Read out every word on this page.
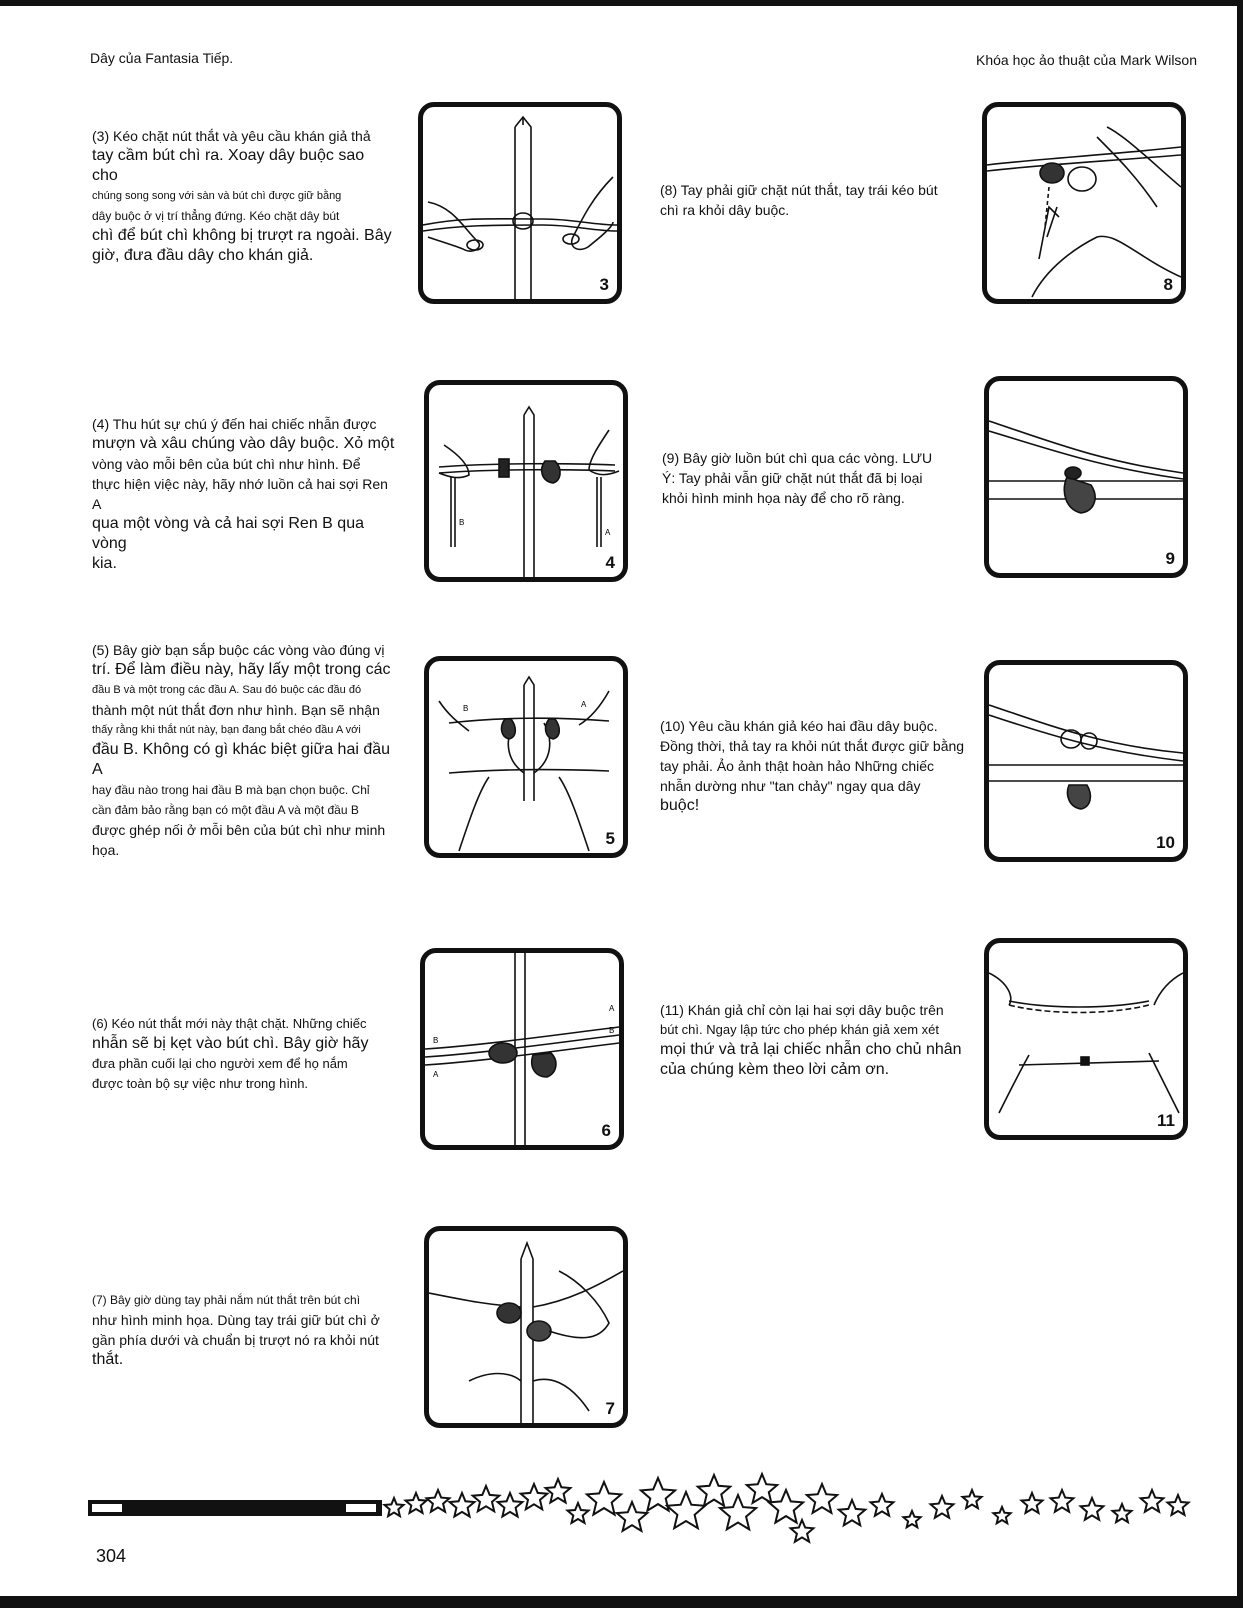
Dây của Fantasia Tiếp.	Khóa học ảo thuật của Mark Wilson
(3) Kéo chặt nút thắt và yêu cầu khán giả thả
tay cầm bút chì ra. Xoay dây buộc sao cho
chúng song song với sàn và bút chì được giữ bằng
dây buộc ở vị trí thẳng đứng. Kéo chặt dây bút
chì để bút chì không bị trượt ra ngoài. Bây
giờ, đưa đầu dây cho khán giả.
3
(8) Tay phải giữ chặt nút thắt, tay trái kéo bút
chì ra khỏi dây buộc.
8
(4) Thu hút sự chú ý đến hai chiếc nhẫn được
mượn và xâu chúng vào dây buộc. Xỏ một
vòng vào mỗi bên của bút chì như hình. Để
thực hiện việc này, hãy nhớ luồn cả hai sợi Ren A
qua một vòng và cả hai sợi Ren B qua vòng
kia.
B
A
4
(9) Bây giờ luồn bút chì qua các vòng. LƯU
Ý: Tay phải vẫn giữ chặt nút thắt đã bị loại
khỏi hình minh họa này để cho rõ ràng.
9
(5) Bây giờ bạn sắp buộc các vòng vào đúng vị
trí. Để làm điều này, hãy lấy một trong các
đầu B và một trong các đầu A. Sau đó buộc các đầu đó
thành một nút thắt đơn như hình. Bạn sẽ nhận
thấy rằng khi thắt nút này, bạn đang bắt chéo đầu A với
đầu B. Không có gì khác biệt giữa hai đầu A
hay đầu nào trong hai đầu B mà bạn chọn buộc. Chỉ
cần đảm bảo rằng bạn có một đầu A và một đầu B
được ghép nối ở mỗi bên của bút chì như minh
họa.
B	A
5
(10) Yêu cầu khán giả kéo hai đầu dây buộc.
Đồng thời, thả tay ra khỏi nút thắt được giữ bằng
tay phải. Ảo ảnh thật hoàn hảo Những chiếc
nhẫn dường như "tan chảy" ngay qua dây
buộc!
10
(6) Kéo nút thắt mới này thật chặt. Những chiếc
nhẫn sẽ bị kẹt vào bút chì. Bây giờ hãy
đưa phần cuối lại cho người xem để họ nắm
được toàn bộ sự việc như trong hình.
B
A
A
B
6
(11) Khán giả chỉ còn lại hai sợi dây buộc trên
bút chì. Ngay lập tức cho phép khán giả xem xét
mọi thứ và trả lại chiếc nhẫn cho chủ nhân
của chúng kèm theo lời cảm ơn.
11
(7) Bây giờ dùng tay phải nắm nút thắt trên bút chì
như hình minh họa. Dùng tay trái giữ bút chì ở
gần phía dưới và chuẩn bị trượt nó ra khỏi nút
thắt.
7
304
